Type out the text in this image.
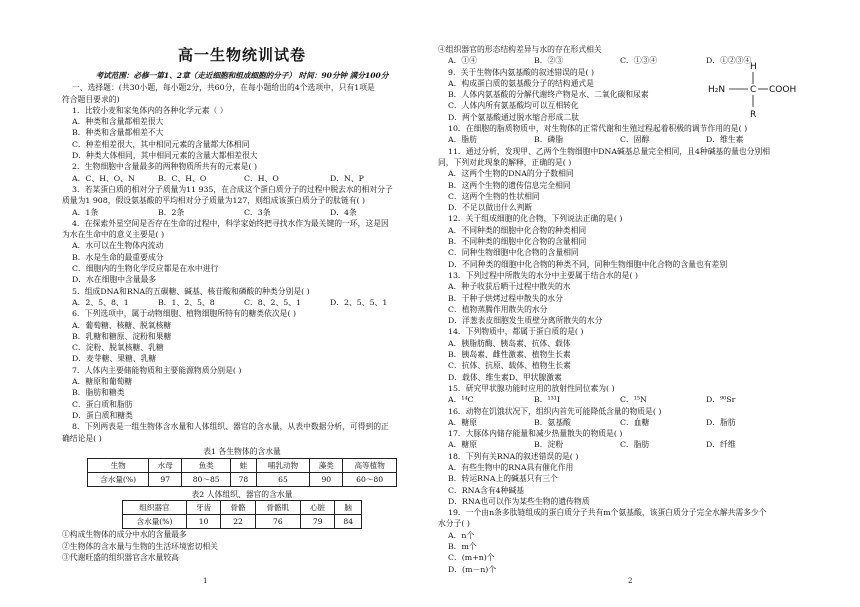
高一生物统训试卷
考试范围：必修一第1、2章（走近细胞和组成细胞的分子） 时间：90分钟 满分100分
一、选择题：(共30小题，每小题2分，共60分，在每小题给出的4个选项中，只有1项是
符合题目要求的)
1．比较小麦和家兔体内的各种化学元素（ ）
A．种类和含量都相差很大
B．种类和含量都相差不大
C．种差相差很大，其中相同元素的含量都大体相同
D．种类大体相同，其中相同元素的含量大都相差很大
2．生物细胞中含量最多的两种物质所共有的元素是( )
A．C、H、O、N	B．C、H、O	C．H、O	D．N、P
3．若某蛋白质的相对分子质量为11 935，在合成这个蛋白质分子的过程中脱去水的相对分子
质量为1 908，假设氨基酸的平均相对分子质量为127，则组成该蛋白质分子的肽链有( )
A．1条	B．2条	C．3条	D．4条
4．在探索外星空间是否存在生命的过程中，科学家始终把寻找水作为最关键的一环，这是因
为水在生命中的意义主要是( )
A．水可以在生物体内流动
B．水是生命的最重要成分
C．细胞内的生物化学反应都是在水中进行
D．水在细胞中含量最多
5．组成DNA和RNA的五碳糖、碱基、核苷酸和磷酸的种类分别是( )
A．2、5、8、1	B．1、2、5、8	C．8、2、5、1	D．2、5、5、1
6．下列选项中，属于动物细胞、植物细胞所特有的糖类依次是( )
A．葡萄糖、核糖、脱氧核糖
B．乳糖和糖原、淀粉和果糖
C．淀粉、脱氧核糖、乳糖
D．麦芽糖、果糖、乳糖
7．人体内主要储能物质和主要能源物质分别是( )
A．糖原和葡萄糖
B．脂肪和糖类
C．蛋白质和脂肪
D．蛋白质和糖类
8．下列两表是一组生物体含水量和人体组织、器官的含水量，从表中数据分析，可得到的正
确结论是( )
表1 各生物体的含水量
生物	水母	鱼类	蛙	哺乳动物	藻类	高等植物
含水量(%)	97	80～85	78	65	90	60～80
表2 人体组织、器官的含水量
组织器官	牙齿	骨骼	骨骼肌	心脏	脑
含水量(%)	10	22	76	79	84
①构成生物体的成分中水的含量最多
②生物体的含水量与生物的生活环境密切相关
③代谢旺盛的组织器官含水量较高
④组织器官的形态结构差异与水的存在形式相关
A．①④	B．②③	C．①③④	D．①②③④
9．关于生物体内氨基酸的叙述错误的是( )
A．构成蛋白质的氨基酸分子的结构通式是
B．人体内氨基酸的分解代谢终产物是水、二氧化碳和尿素
C．人体内所有氨基酸均可以互相转化
D．两个氨基酸通过脱水缩合形成二肽
10．在细胞的脂质物质中，对生物体的正常代谢和生殖过程起着积极的调节作用的是( )
A．脂肪	B．磷脂	C．固醇	D．维生素
11．通过分析，发现甲、乙两个生物细胞中DNA碱基总量完全相同，且4种碱基的量也分别相
同，下列对此现象的解释，正确的是( )
A．这两个生物的DNA的分子数相同
B．这两个生物的遗传信息完全相同
C．这两个生物的性状相同
D．不足以做出什么判断
12．关于组成细胞的化合物，下列说法正确的是( )
A．不同种类的细胞中化合物的种类相同
B．不同种类的细胞中化合物的含量相同
C．同种生物细胞中化合物的含量相同
D．不同种类的细胞中化合物的种类不同，同种生物细胞中化合物的含量也有差别
13．下列过程中所散失的水分中主要属于结合水的是( )
A．种子收获后晒干过程中散失的水
B．干种子烘烤过程中散失的水分
C．植物蒸腾作用散失的水分
D．洋葱表皮细胞发生质壁分离所散失的水分
14．下列物质中，都属于蛋白质的是( )
A．胰脂肪酶、胰岛素、抗体、载体
B．胰岛素、雌性激素、植物生长素
C．抗体、抗原、载体、植物生长素
D．载体、维生素D、甲状腺激素
15．研究甲状腺功能时应用的放射性同位素为( )
A．¹⁴C	B．¹³¹I	C．¹⁵N	D．⁹⁰Sr
16．动物在饥饿状况下，组织内首先可能降低含量的物质是( )
A．糖原	B．氨基酸	C．血糖	D．脂肪
17．大豚体内储存能量和减少热量散失的物质是( )
A．糖原	B．淀粉	C．脂肪	D．纤维
18．下列有关RNA的叙述错误的是( )
A．有些生物中的RNA具有催化作用
B．转运RNA上的碱基只有三个
C．RNA含有4种碱基
D．RNA也可以作为某些生物的遗传物质
19．一个由n条多肽链组成的蛋白质分子共有m个氨基酸，该蛋白质分子完全水解共需多少个
水分子( )
A．n个
B．m个
C．(m+n)个
D．(m－n)个
H
H₂N	C COOH
R
1	2
